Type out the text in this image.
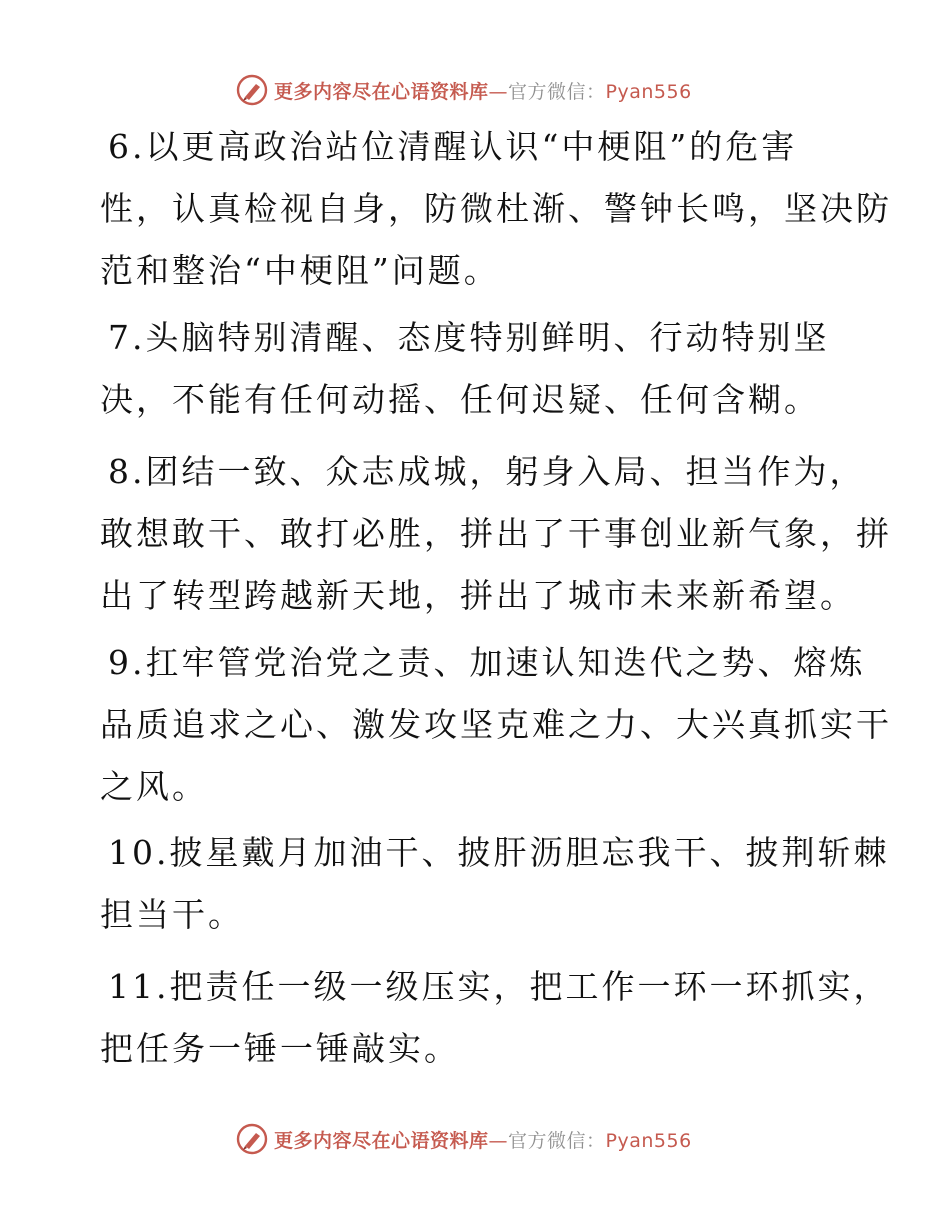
更多内容尽在心语资料库—官方微信：Pyan556

6.以更高政治站位清醒认识“中梗阻”的危害
性，认真检视自身，防微杜渐、警钟长鸣，坚决防
范和整治“中梗阻”问题。

7.头脑特别清醒、态度特别鲜明、行动特别坚
决，不能有任何动摇、任何迟疑、任何含糊。

8.团结一致、众志成城，躬身入局、担当作为，
敢想敢干、敢打必胜，拼出了干事创业新气象，拼
出了转型跨越新天地，拼出了城市未来新希望。

9.扛牢管党治党之责、加速认知迭代之势、熔炼
品质追求之心、激发攻坚克难之力、大兴真抓实干
之风。

10.披星戴月加油干、披肝沥胆忘我干、披荆斩棘
担当干。

11.把责任一级一级压实，把工作一环一环抓实，
把任务一锤一锤敲实。

更多内容尽在心语资料库—官方微信：Pyan556
